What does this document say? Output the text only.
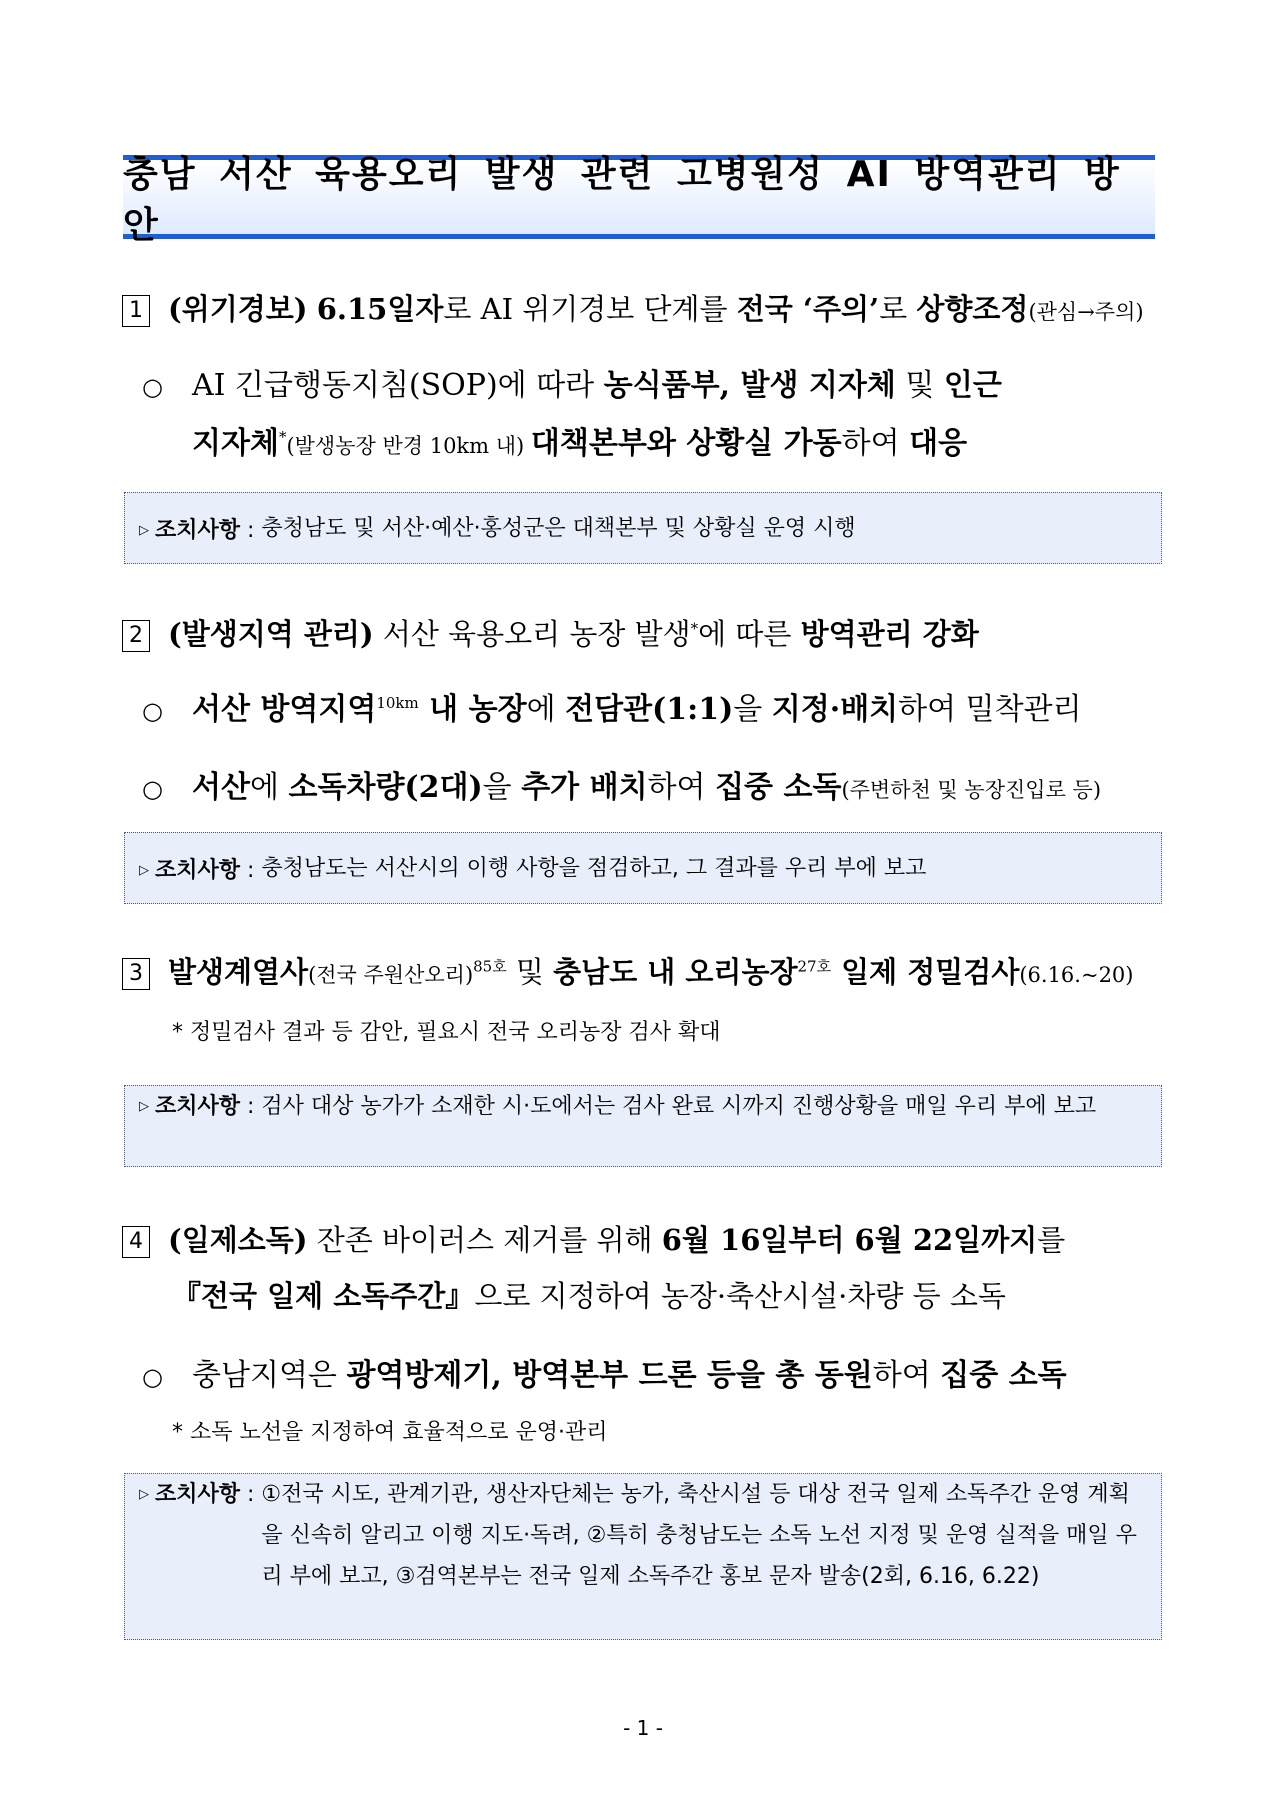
충남 서산 육용오리 발생 관련 고병원성 AI 방역관리 방안
1 (위기경보) 6.15일자로 AI 위기경보 단계를 전국 ‘주의’로 상향조정(관심→주의)
○ AI 긴급행동지침(SOP)에 따라 농식품부, 발생 지자체 및 인근
지자체*(발생농장 반경 10km 내) 대책본부와 상황실 가동하여 대응
▷ 조치사항 : 충청남도 및 서산·예산·홍성군은 대책본부 및 상황실 운영 시행
2 (발생지역 관리) 서산 육용오리 농장 발생*에 따른 방역관리 강화
○ 서산 방역지역$^{10km}$ 내 농장에 전담관(1:1)을 지정·배치하여 밀착관리
○ 서산에 소독차량(2대)을 추가 배치하여 집중 소독(주변하천 및 농장진입로 등)
▷ 조치사항 : 충청남도는 서산시의 이행 사항을 점검하고, 그 결과를 우리 부에 보고
3 발생계열사(전국 주원산오리)$^{85호}$ 및 충남도 내 오리농장$^{27호}$ 일제 정밀검사(6.16.~20)
* 정밀검사 결과 등 감안, 필요시 전국 오리농장 검사 확대
▷ 조치사항 : 검사 대상 농가가 소재한 시·도에서는 검사 완료 시까지 진행상황을 매일 우리 부에 보고
4 (일제소독) 잔존 바이러스 제거를 위해 6월 16일부터 6월 22일까지를
『전국 일제 소독주간』으로 지정하여 농장·축산시설·차량 등 소독
○ 충남지역은 광역방제기, 방역본부 드론 등을 총 동원하여 집중 소독
* 소독 노선을 지정하여 효율적으로 운영·관리
▷ 조치사항 : ①전국 시도, 관계기관, 생산자단체는 농가, 축산시설 등 대상 전국 일제 소독주간 운영 계획을 신속히 알리고 이행 지도·독려, ②특히 충청남도는 소독 노선 지정 및 운영 실적을 매일 우리 부에 보고, ③검역본부는 전국 일제 소독주간 홍보 문자 발송(2회, 6.16, 6.22)
- 1 -
